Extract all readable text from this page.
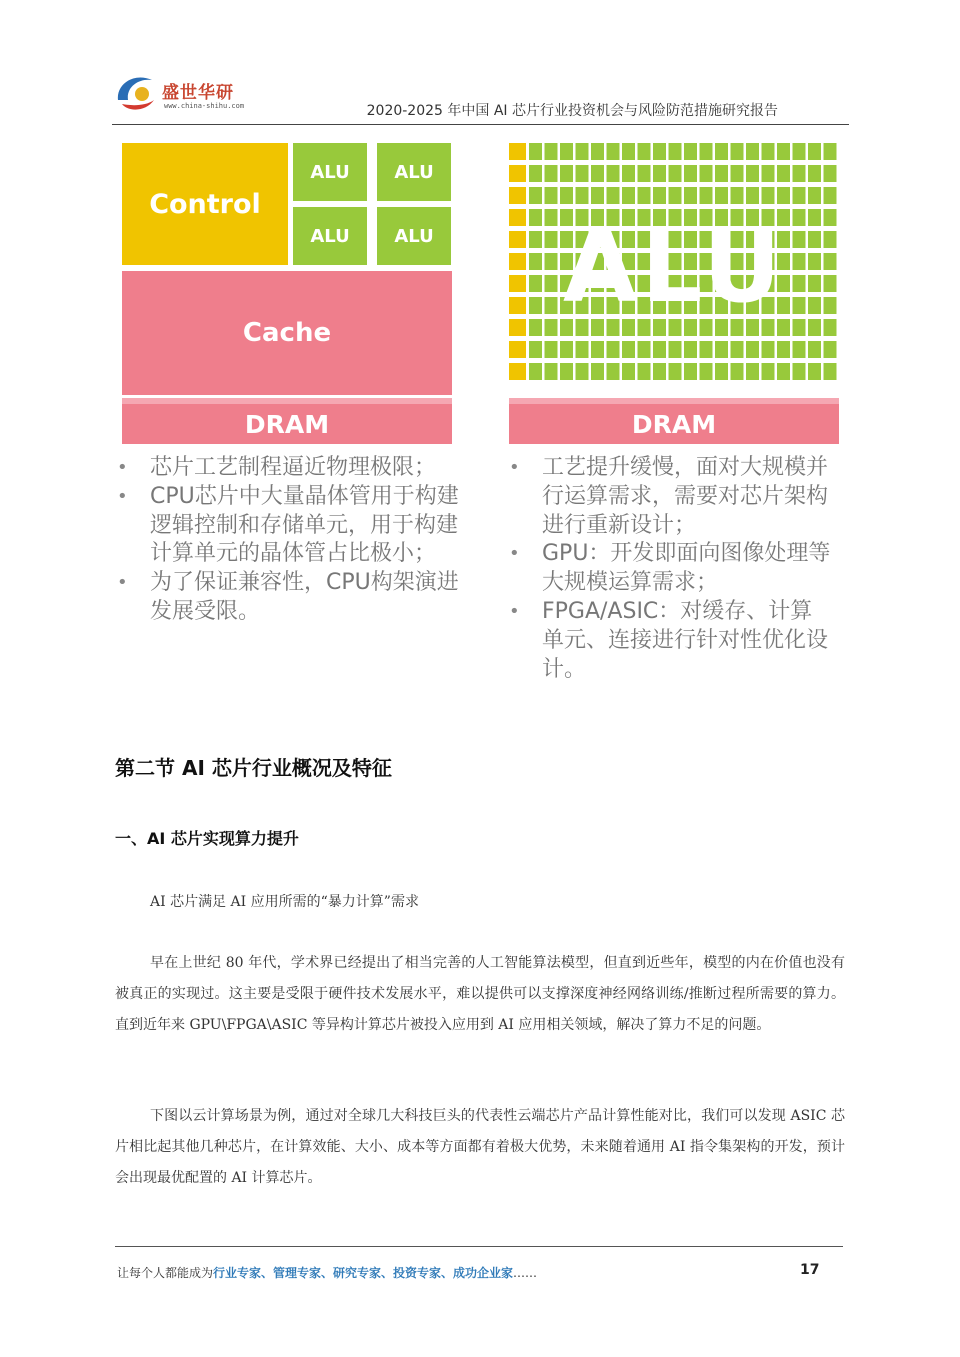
盛世华研
www.china-shihu.com	2020-2025 年中国 AI 芯片行业投资机会与风险防范措施研究报告
Control
ALU	ALU
ALU	ALU
Cache
DRAM
ALU
DRAM
• 芯片工艺制程逼近物理极限；
• CPU芯片中大量晶体管用于构建逻辑控制和存储单元，用于构建计算单元的晶体管占比极小；
• 为了保证兼容性，CPU构架演进发展受限。
• 工艺提升缓慢，面对大规模并行运算需求，需要对芯片架构进行重新设计；
• GPU：开发即面向图像处理等大规模运算需求；
• FPGA/ASIC：对缓存、计算单元、连接进行针对性优化设计。
第二节 AI 芯片行业概况及特征
一、AI 芯片实现算力提升

AI 芯片满足 AI 应用所需的“暴力计算”需求

早在上世纪 80 年代，学术界已经提出了相当完善的人工智能算法模型，但直到近些年，模型的内在价值也没有被真正的实现过。这主要是受限于硬件技术发展水平，难以提供可以支撑深度神经网络训练/推断过程所需要的算力。直到近年来 GPU\FPGA\ASIC 等异构计算芯片被投入应用到 AI 应用相关领域，解决了算力不足的问题。

下图以云计算场景为例，通过对全球几大科技巨头的代表性云端芯片产品计算性能对比，我们可以发现 ASIC 芯片相比起其他几种芯片，在计算效能、大小、成本等方面都有着极大优势，未来随着通用 AI 指令集架构的开发，预计会出现最优配置的 AI 计算芯片。

让每个人都能成为行业专家、管理专家、研究专家、投资专家、成功企业家……	17
